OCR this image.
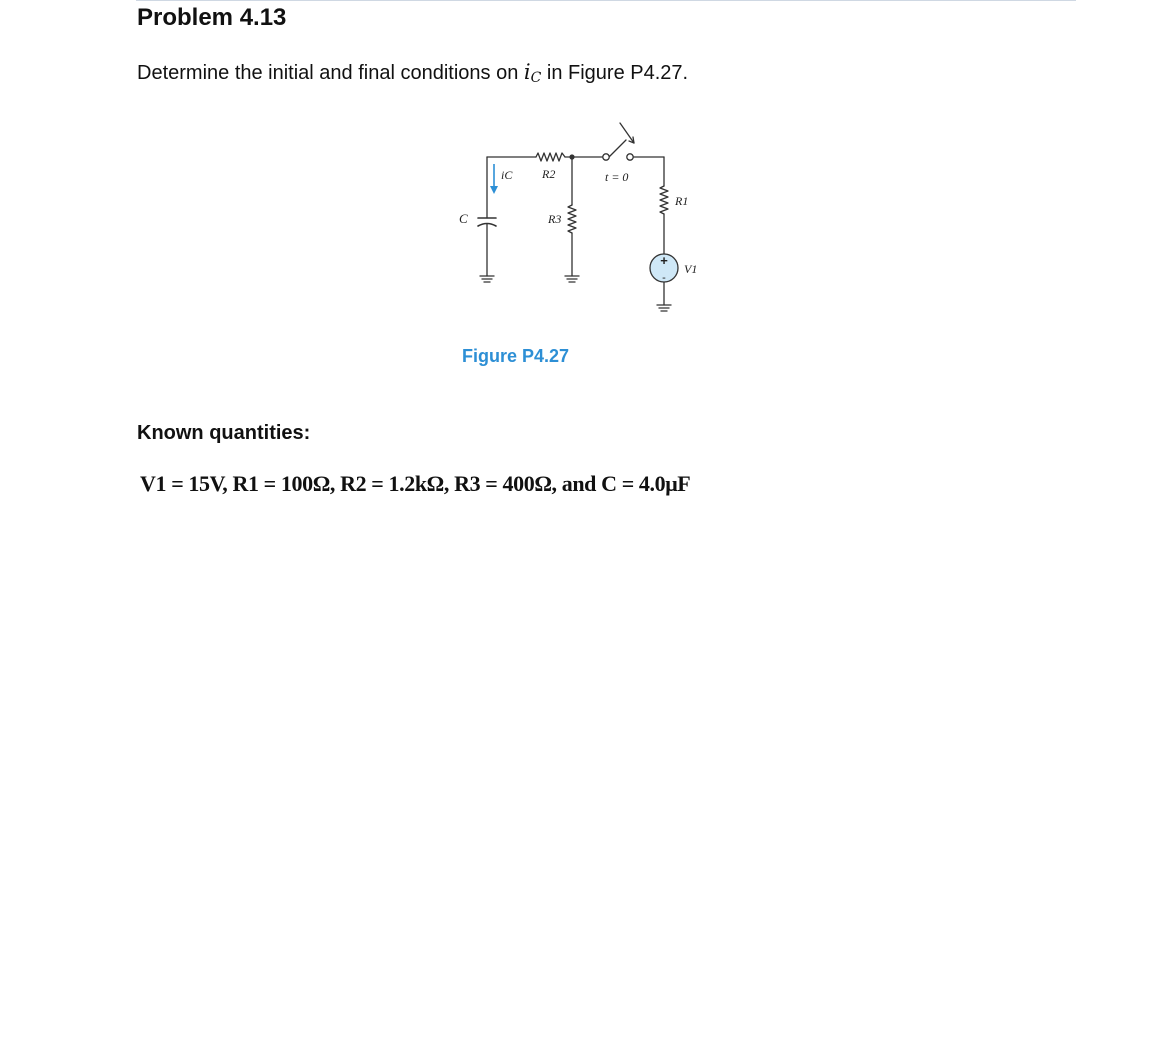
Problem 4.13
Determine the initial and final conditions on $i_C$ in Figure P4.27.
+
-
iC R2	t = 0
R1
C	R3
V1
Figure P4.27
Known quantities:
V1 = 15V, R1 = 100Ω, R2 = 1.2kΩ, R3 = 400Ω, and C = 4.0μF
